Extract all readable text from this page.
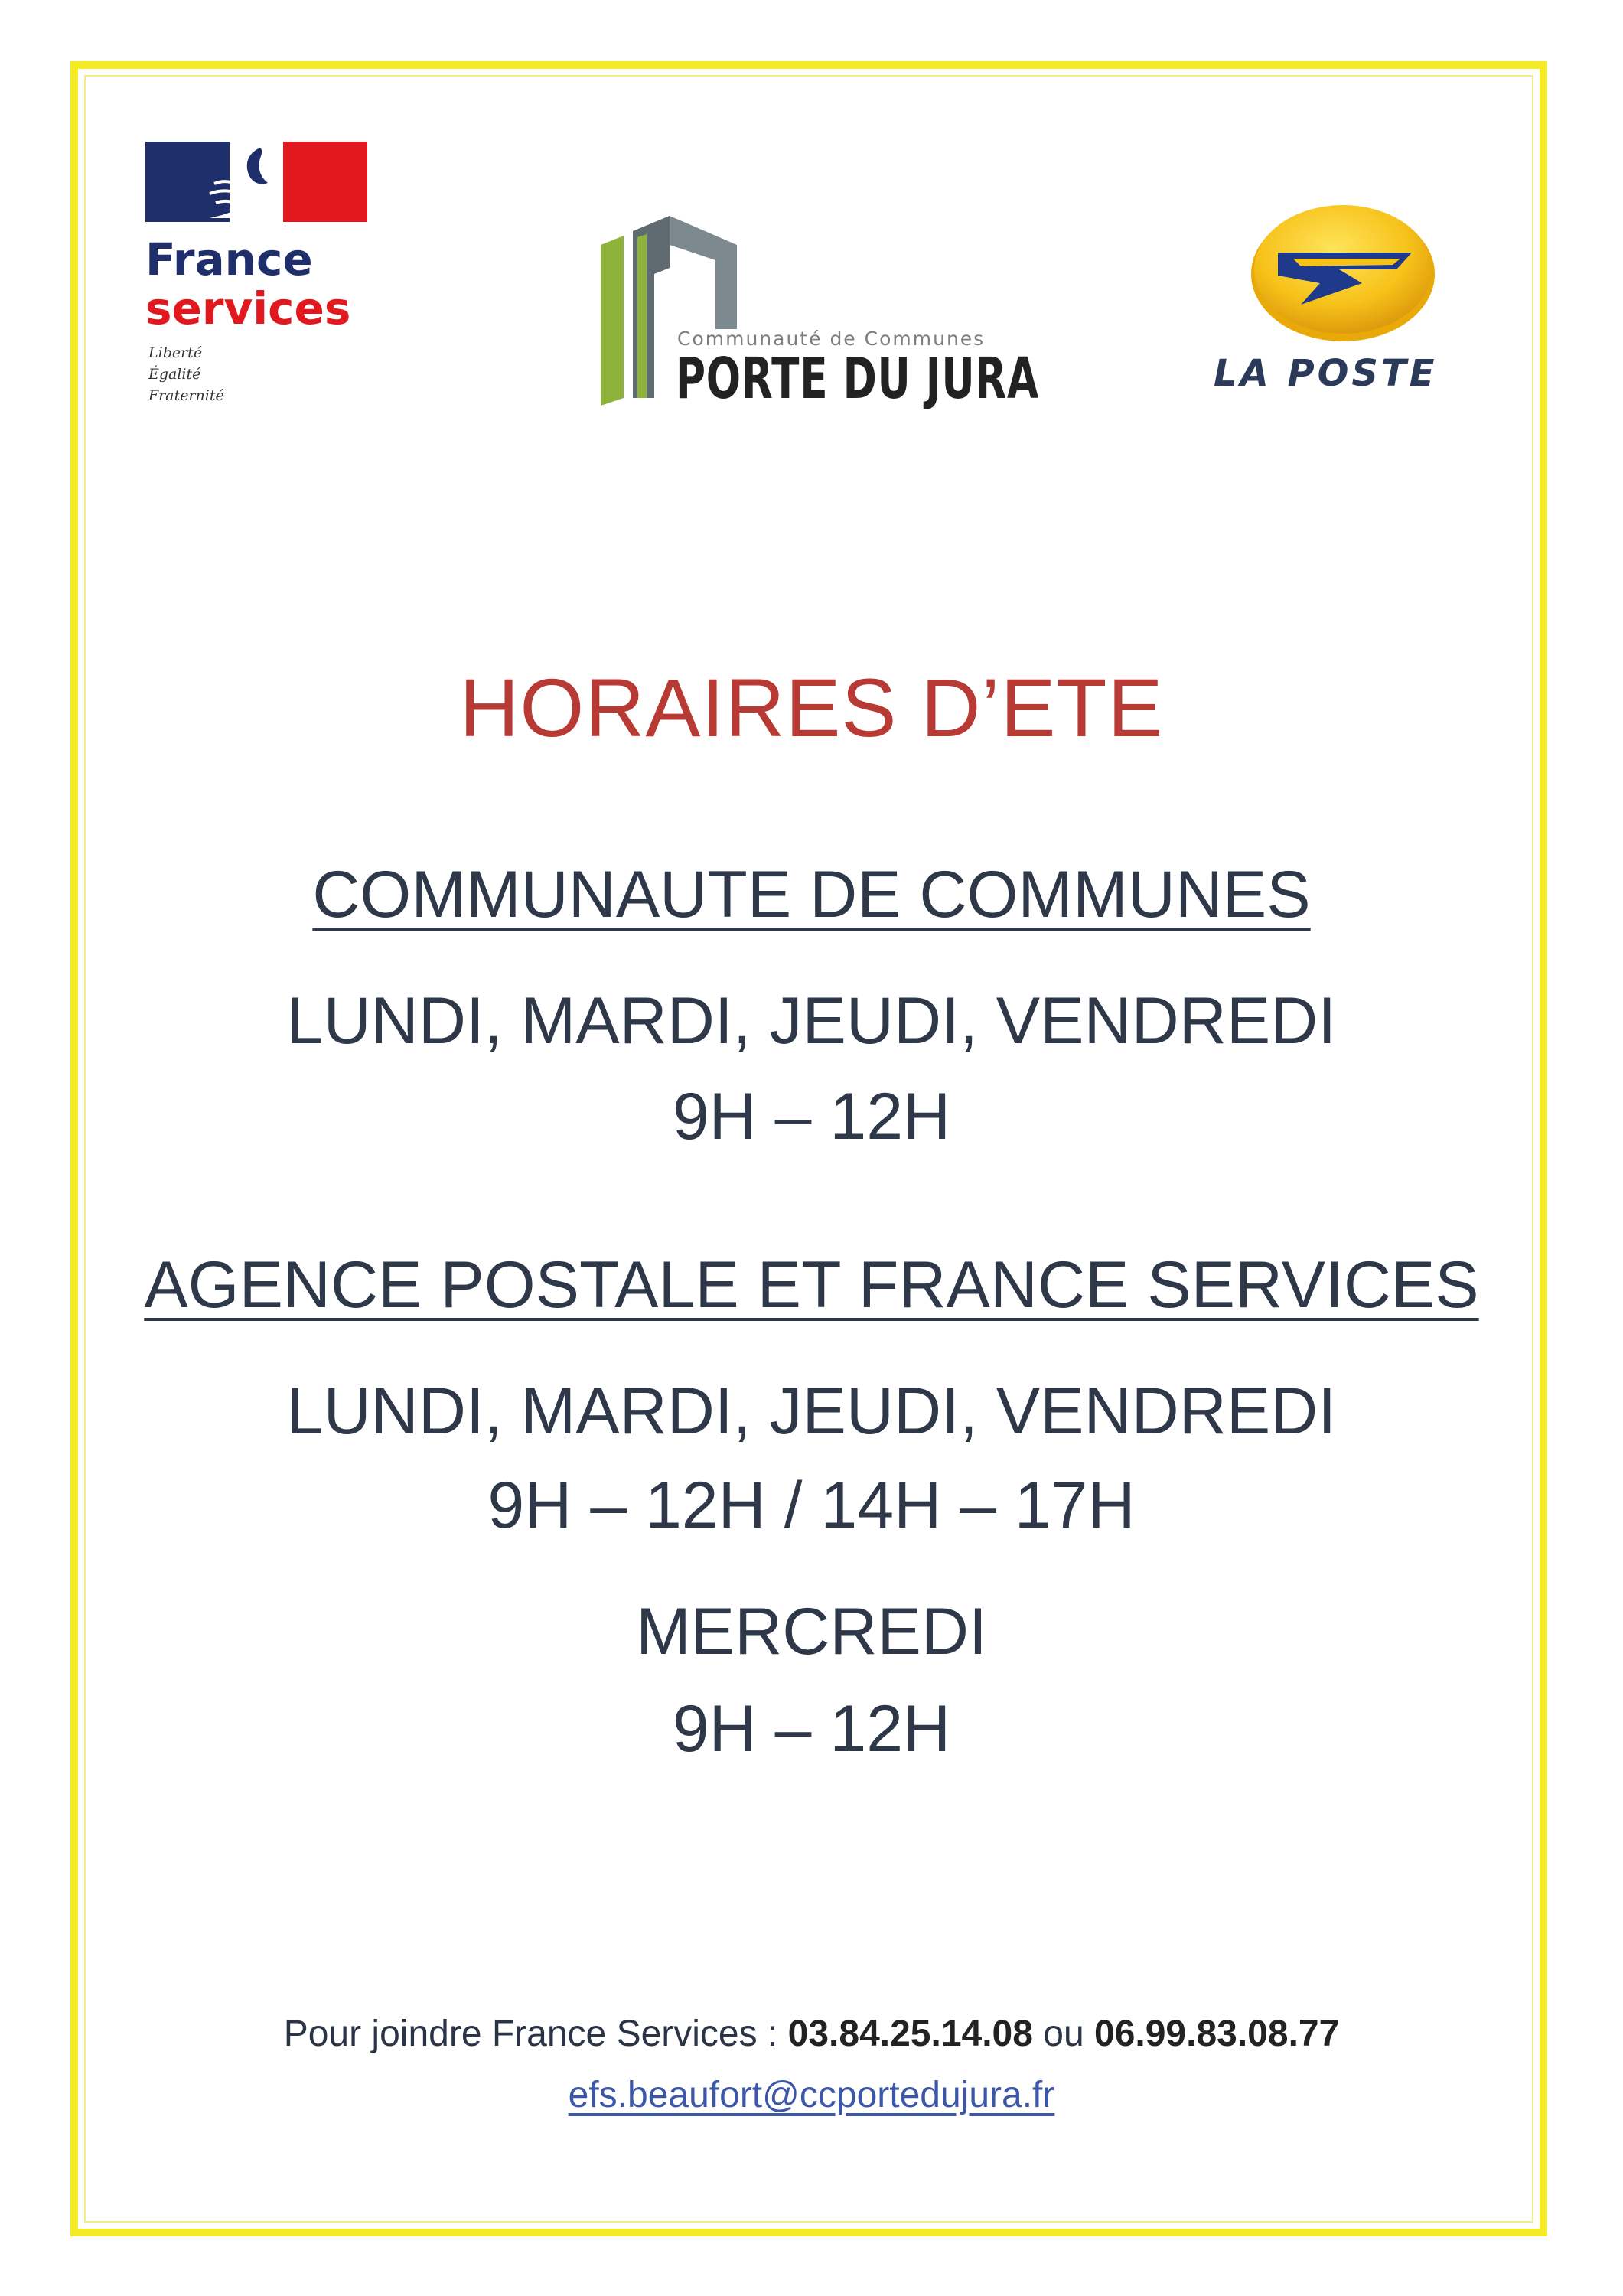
France
services
Liberté
Égalité
Fraternité
Communauté de Communes
PORTE DU JURA	LA POSTE
HORAIRES D’ETE
COMMUNAUTE DE COMMUNES
LUNDI, MARDI, JEUDI, VENDREDI
9H – 12H
AGENCE POSTALE ET FRANCE SERVICES
LUNDI, MARDI, JEUDI, VENDREDI
9H – 12H / 14H – 17H
MERCREDI
9H – 12H
Pour joindre France Services : 03.84.25.14.08 ou 06.99.83.08.77
efs.beaufort@ccportedujura.fr
